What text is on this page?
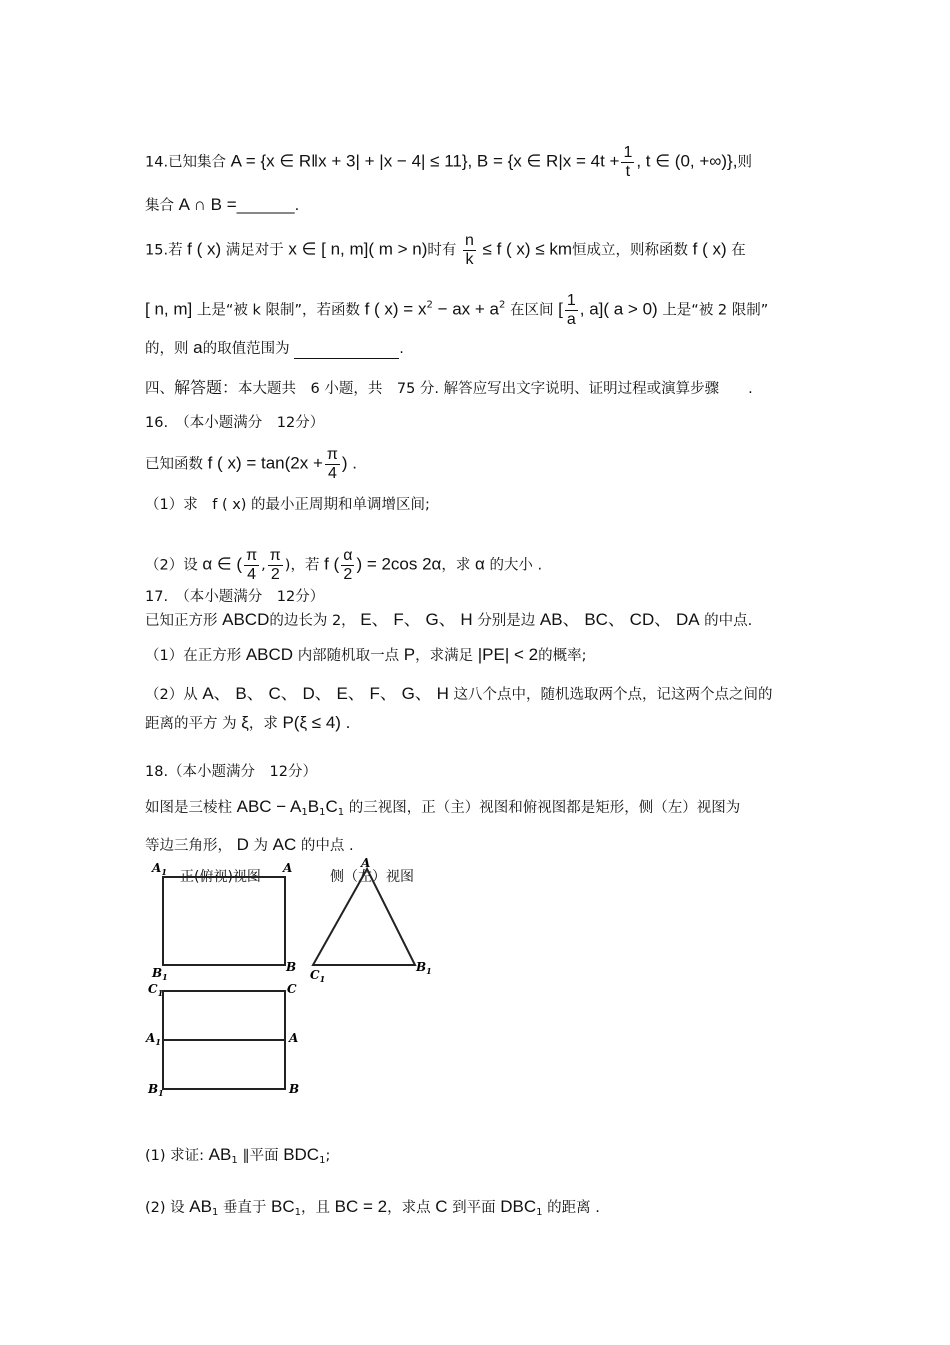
14.已知集合 A = {x ∈ R‖x + 3| + |x − 4| ≤ 11}, B = {x ∈ $R|x = 4t + \frac{1}{t}$ , t ∈ (0, +∞)},则
集合 A ∩ B =________.
15.若 f ( x) 满足对于 x ∈ [ n, m]( m > n)时有 $\frac{n}{k} \le f$ ( x) ≤ km恒成立，则称函数 f ( x) 在
[ n, m] 上是“被 k 限制”，若函数 f ( $x) = x^2$ − ax + $a^2$ 在区间 [ $\frac{1}{a}$ , a]( a > 0) 上是“被 2 限制”
的，则 a的取值范围为	.
四、解答题：本大题共　6 小题，共　75 分. 解答应写出文字说明、证明过程或演算步骤　　.
16.　（本小题满分　12分）
已知函数 f ( $x) = \tan(2x + \frac{\pi}{4}$ ) .
（1）求　f ( x) 的最小正周期和单调增区间;
（2）设 α ∈ ( $\frac{\pi}{4}$ , $\frac{\pi}{2}$ )，若 f ( $\frac{\alpha}{2}$ ) = 2cos 2α，求 α 的大小 .
17.　（本小题满分　12分）
已知正方形 ABCD的边长为 2， E、 F、 G、 H 分别是边 AB、 BC、 CD、 DA 的中点.
（1）在正方形 ABCD 内部随机取一点 P，求满足 |PE| < 2的概率;
（2）从 A、 B、 C、 D、 E、 F、 G、 H 这八个点中，随机选取两个点，记这两个点之间的
距离的平方 为 ξ，求 P(ξ ≤ 4) .
18.（本小题满分　12分）
如图是三棱柱 ABC − $A_1B_1C_1$ 的三视图，正（主）视图和俯视图都是矩形，侧（左）视图为
等边三角形， D 为 AC 的中点 .
正(俯视)视图	侧（左）视图
$A_1$	A
$B_1$
B
A
$C_1$
$B_1$
$C_1$	C
$A_1$	A
$B_1$	B
(1) 求证: $AB_1$ ∥平面 $BDC_1$;
(2) 设 $AB_1$ 垂直于 $BC_1$，且 BC = 2，求点 C 到平面 $DBC_1$ 的距离 .
